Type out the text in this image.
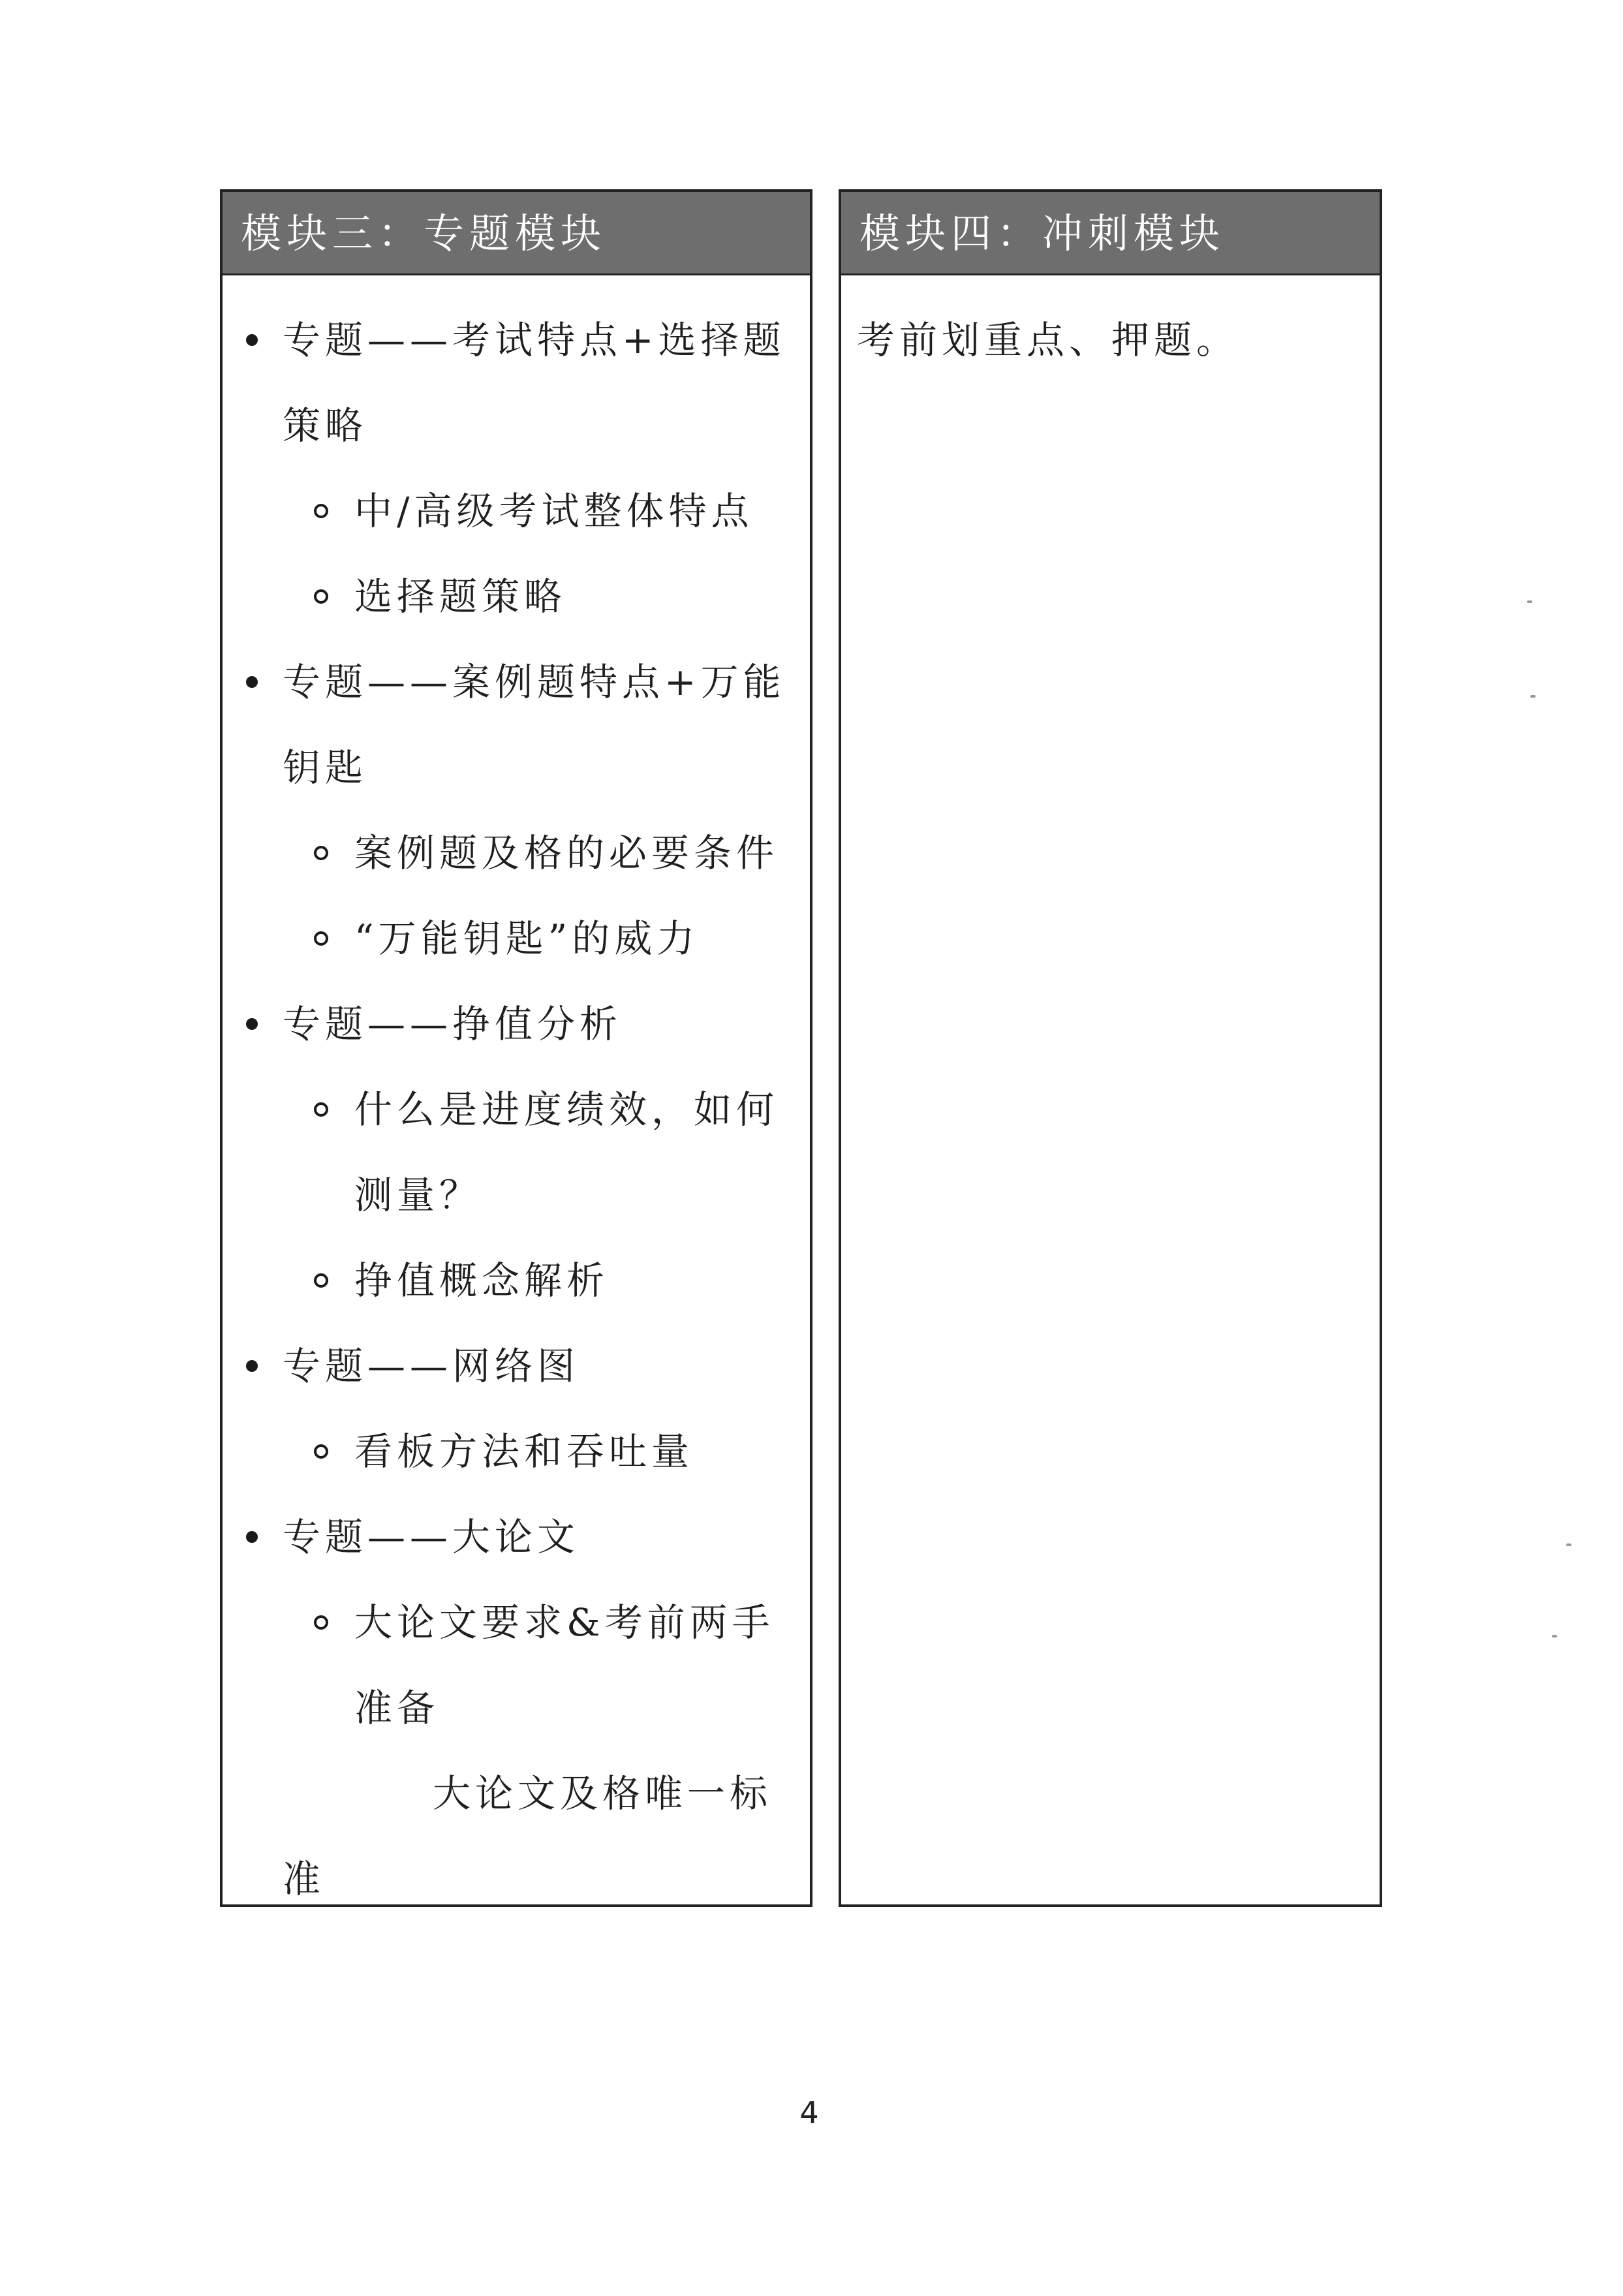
模块三：专题模块
专题——考试特点+选择题
策略
中/高级考试整体特点
选择题策略
专题——案例题特点+万能
钥匙
案例题及格的必要条件
“万能钥匙”的威力
专题——挣值分析
什么是进度绩效，如何
测量？
挣值概念解析
专题——网络图
看板方法和吞吐量
专题——大论文
大论文要求&考前两手
准备
大论文及格唯一标
准
模块四：冲刺模块
考前划重点、押题。
4
